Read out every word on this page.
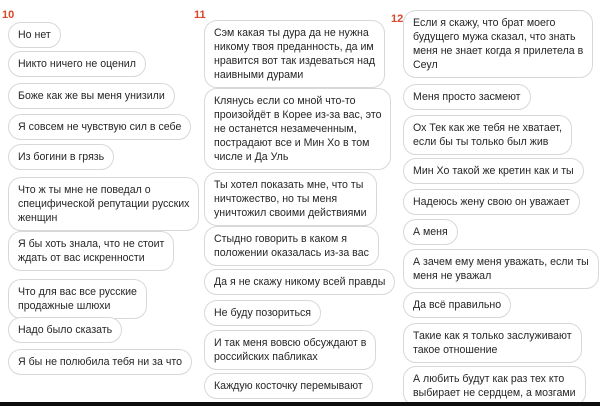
10
Но нет
Никто ничего не оценил
Боже как же вы меня унизили
Я совсем не чувствую сил в себе
Из богини в грязь
Что ж ты мне не поведал о
специфической репутации русских
женщин
Я бы хоть знала, что не стоит
ждать от вас искренности
Что для вас все русские
продажные шлюхи
Надо было сказать
Я бы не полюбила тебя ни за что
11
Сэм какая ты дура да не нужна
никому твоя преданность, да им
нравится вот так издеваться над
наивными дурами
Клянусь если со мной что-то
произойдёт в Корее из-за вас, это
не останется незамеченным,
пострадают все и Мин Хо в том
числе и Да Уль
Ты хотел показать мне, что ты
ничтожество, но ты меня
уничтожил своими действиями
Стыдно говорить в каком я
положении оказалась из-за вас
Да я не скажу никому всей правды
Не буду позориться
И так меня вовсю обсуждают в
российских пабликах
Каждую косточку перемывают
12 Если я скажу, что брат моего
будущего мужа сказал, что знать
меня не знает когда я прилетела в
Сеул
Меня просто засмеют
Ох Тек как же тебя не хватает,
если бы ты только был жив
Мин Хо такой же кретин как и ты
Надеюсь жену свою он уважает
А меня
А зачем ему меня уважать, если ты
меня не уважал
Да всё правильно
Такие как я только заслуживают
такое отношение
А любить будут как раз тех кто
выбирает не сердцем, а мозгами
